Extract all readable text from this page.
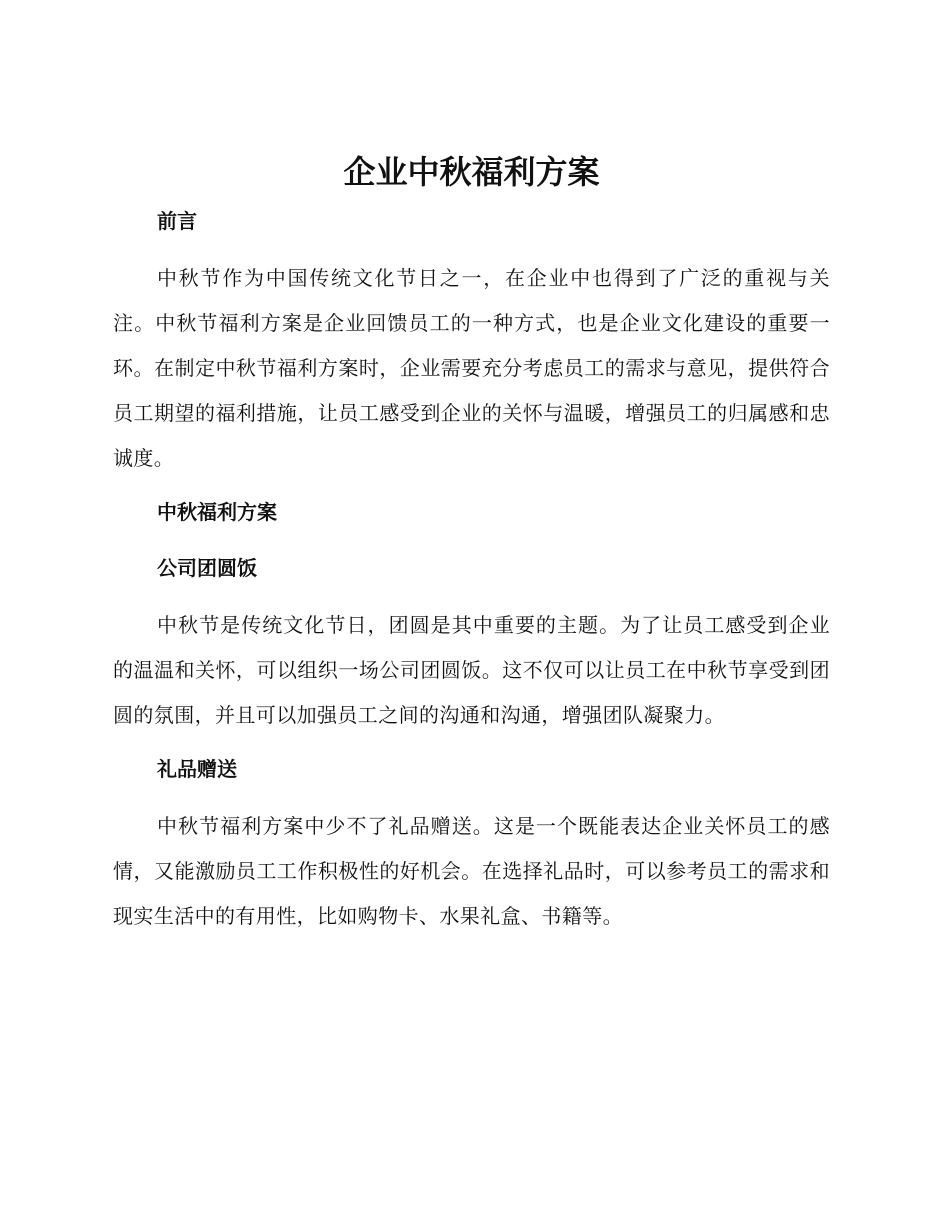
企业中秋福利方案
前言

中秋节作为中国传统文化节日之一，在企业中也得到了广泛的重视与关注。中秋节福利方案是企业回馈员工的一种方式，也是企业文化建设的重要一环。在制定中秋节福利方案时，企业需要充分考虑员工的需求与意见，提供符合员工期望的福利措施，让员工感受到企业的关怀与温暖，增强员工的归属感和忠诚度。

中秋福利方案
公司团圆饭

中秋节是传统文化节日，团圆是其中重要的主题。为了让员工感受到企业的温温和关怀，可以组织一场公司团圆饭。这不仅可以让员工在中秋节享受到团圆的氛围，并且可以加强员工之间的沟通和沟通，增强团队凝聚力。

礼品赠送

中秋节福利方案中少不了礼品赠送。这是一个既能表达企业关怀员工的感情，又能激励员工工作积极性的好机会。在选择礼品时，可以参考员工的需求和现实生活中的有用性，比如购物卡、水果礼盒、书籍等。
